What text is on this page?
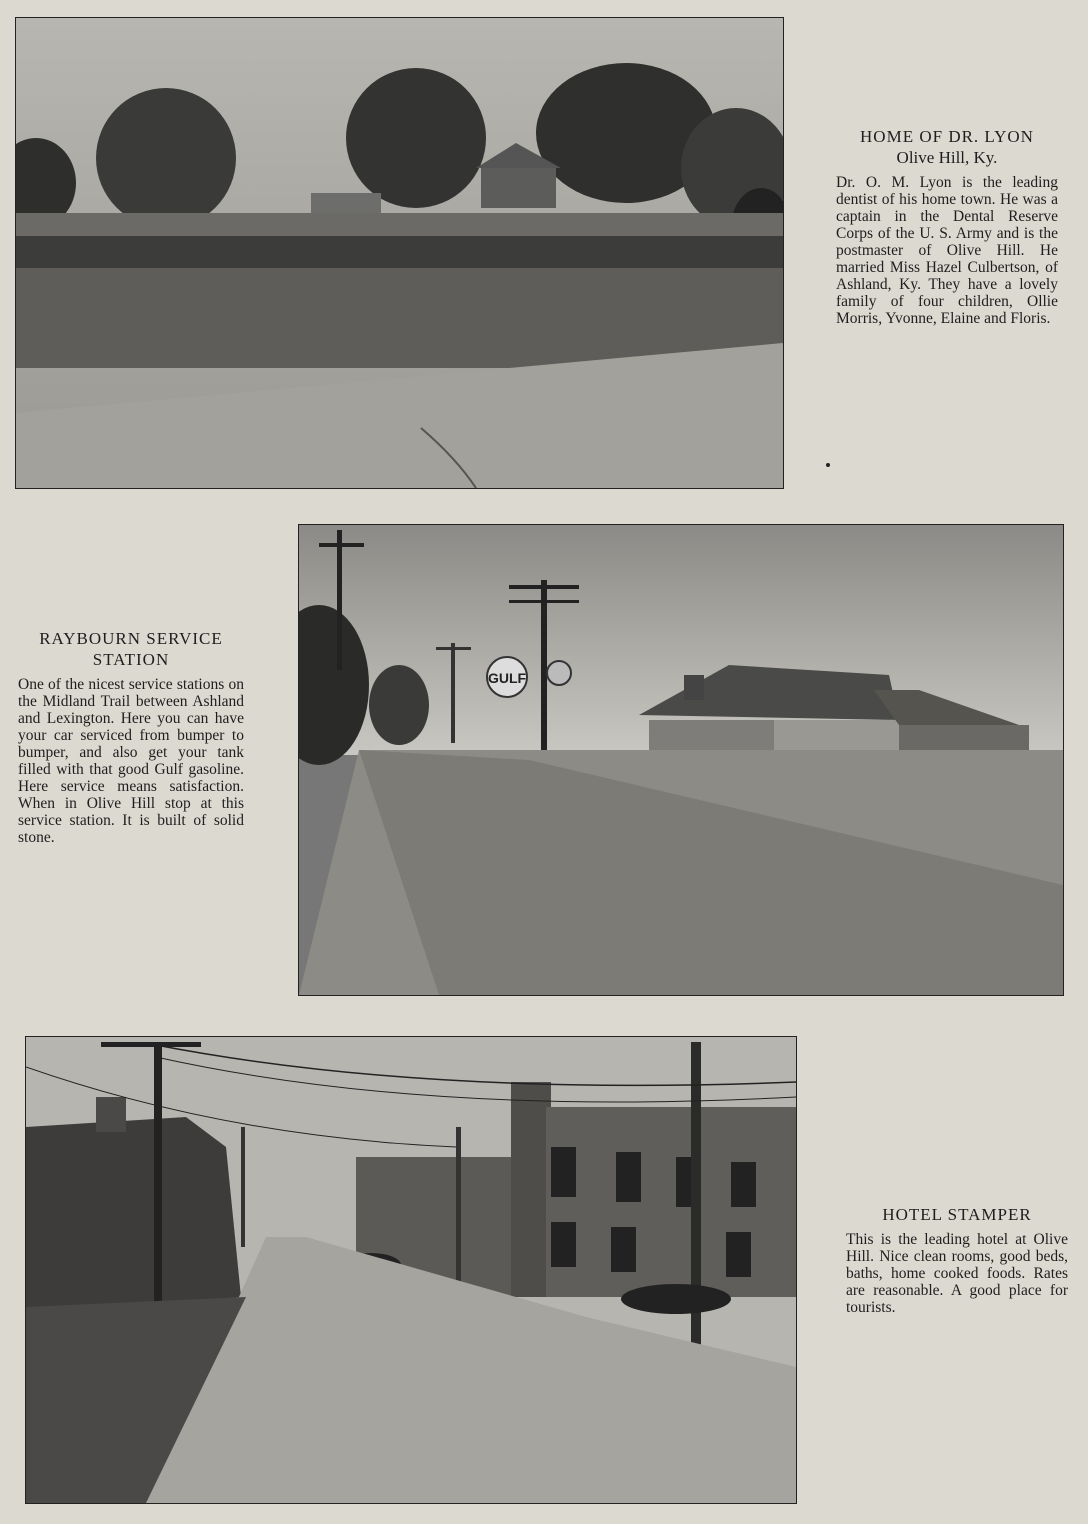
HOME OF DR. LYON
Olive Hill, Ky.
Dr. O. M. Lyon is the leading dentist of his home town. He was a captain in the Dental Reserve Corps of the U. S. Army and is the postmaster of Olive Hill. He married Miss Hazel Culbertson, of Ashland, Ky. They have a lovely family of four children, Ollie Morris, Yvonne, Elaine and Floris.
GULF
RAYBOURN SERVICE STATION
One of the nicest service stations on the Midland Trail between Ashland and Lexington. Here you can have your car serviced from bumper to bumper, and also get your tank filled with that good Gulf gasoline. Here service means satisfaction. When in Olive Hill stop at this service station. It is built of solid stone.
HOTEL STAMPER
This is the leading hotel at Olive Hill. Nice clean rooms, good beds, baths, home cooked foods. Rates are reasonable. A good place for tourists.
